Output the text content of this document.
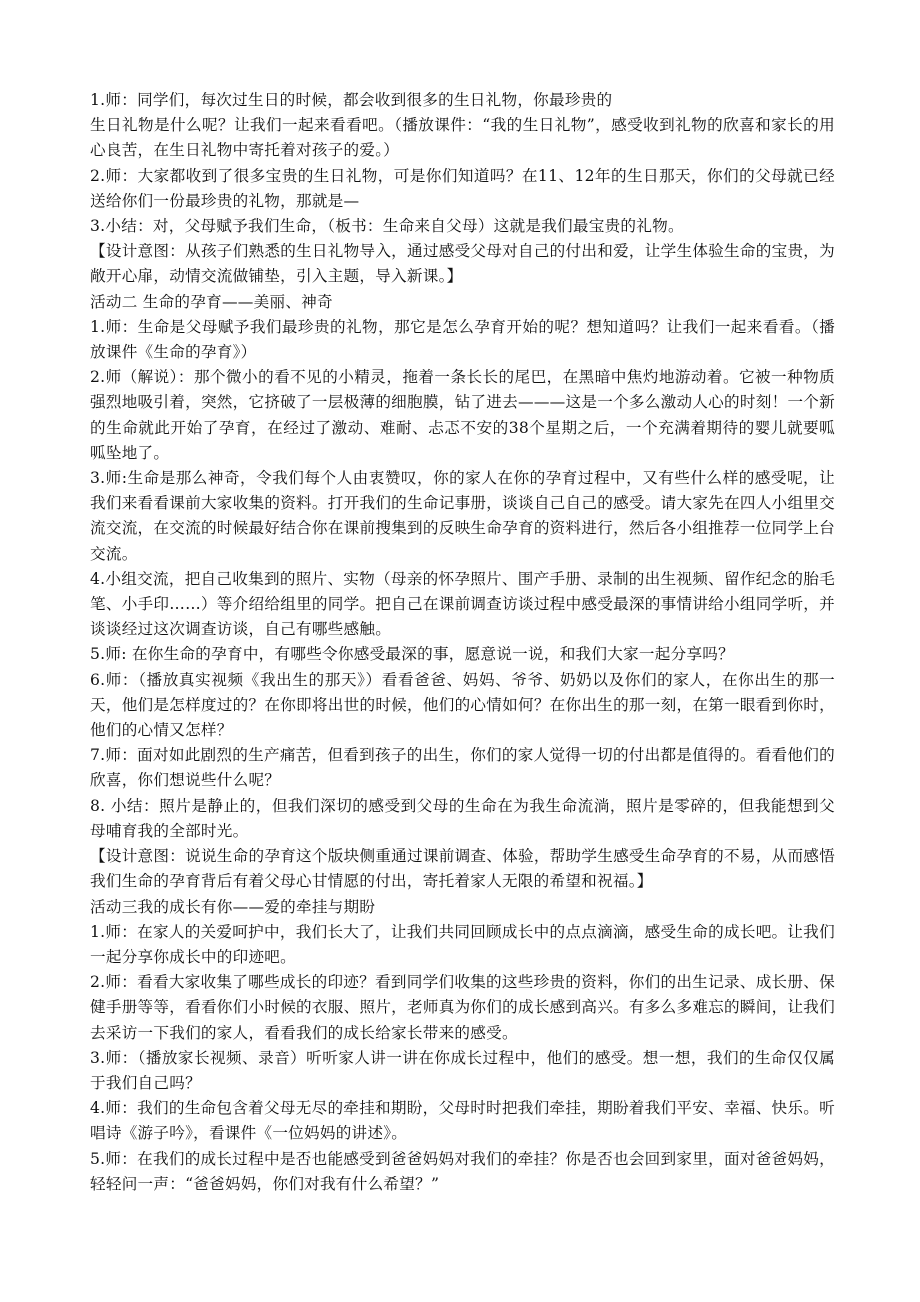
1.师：同学们，每次过生日的时候，都会收到很多的生日礼物，你最珍贵的

生日礼物是什么呢？让我们一起来看看吧。（播放课件：“我的生日礼物”，感受收到礼物的欣喜和家长的用心良苦，在生日礼物中寄托着对孩子的爱。）

2.师：大家都收到了很多宝贵的生日礼物，可是你们知道吗？在11、12年的生日那天，你们的父母就已经送给你们一份最珍贵的礼物，那就是—

3.小结：对，父母赋予我们生命，（板书：生命来自父母）这就是我们最宝贵的礼物。

【设计意图：从孩子们熟悉的生日礼物导入，通过感受父母对自己的付出和爱，让学生体验生命的宝贵，为敞开心扉，动情交流做铺垫，引入主题，导入新课。】

活动二 生命的孕育——美丽、神奇

1.师：生命是父母赋予我们最珍贵的礼物，那它是怎么孕育开始的呢？想知道吗？让我们一起来看看。（播放课件《生命的孕育》）

2.师（解说）：那个微小的看不见的小精灵，拖着一条长长的尾巴，在黑暗中焦灼地游动着。它被一种物质强烈地吸引着，突然，它挤破了一层极薄的细胞膜，钻了进去———这是一个多么激动人心的时刻！一个新的生命就此开始了孕育，在经过了激动、难耐、忐忑不安的38个星期之后，一个充满着期待的婴儿就要呱呱坠地了。

3.师:生命是那么神奇，令我们每个人由衷赞叹，你的家人在你的孕育过程中，又有些什么样的感受呢，让我们来看看课前大家收集的资料。打开我们的生命记事册，谈谈自己自己的感受。请大家先在四人小组里交流交流，在交流的时候最好结合你在课前搜集到的反映生命孕育的资料进行，然后各小组推荐一位同学上台交流。

4.小组交流，把自己收集到的照片、实物（母亲的怀孕照片、围产手册、录制的出生视频、留作纪念的胎毛笔、小手印……）等介绍给组里的同学。把自己在课前调查访谈过程中感受最深的事情讲给小组同学听，并谈谈经过这次调查访谈，自己有哪些感触。

5.师: 在你生命的孕育中，有哪些令你感受最深的事，愿意说一说，和我们大家一起分享吗？

6.师：（播放真实视频《我出生的那天》）看看爸爸、妈妈、爷爷、奶奶以及你们的家人，在你出生的那一天，他们是怎样度过的？在你即将出世的时候，他们的心情如何？在你出生的那一刻，在第一眼看到你时，他们的心情又怎样？

7.师：面对如此剧烈的生产痛苦，但看到孩子的出生，你们的家人觉得一切的付出都是值得的。看看他们的欣喜，你们想说些什么呢？

8. 小结：照片是静止的，但我们深切的感受到父母的生命在为我生命流淌，照片是零碎的，但我能想到父母哺育我的全部时光。

【设计意图：说说生命的孕育这个版块侧重通过课前调查、体验，帮助学生感受生命孕育的不易，从而感悟我们生命的孕育背后有着父母心甘情愿的付出，寄托着家人无限的希望和祝福。】

活动三我的成长有你——爱的牵挂与期盼

1.师：在家人的关爱呵护中，我们长大了，让我们共同回顾成长中的点点滴滴，感受生命的成长吧。让我们一起分享你成长中的印迹吧。

2.师：看看大家收集了哪些成长的印迹？看到同学们收集的这些珍贵的资料，你们的出生记录、成长册、保健手册等等，看看你们小时候的衣服、照片，老师真为你们的成长感到高兴。有多么多难忘的瞬间，让我们去采访一下我们的家人，看看我们的成长给家长带来的感受。

3.师：（播放家长视频、录音）听听家人讲一讲在你成长过程中，他们的感受。想一想，我们的生命仅仅属于我们自己吗？

4.师：我们的生命包含着父母无尽的牵挂和期盼，父母时时把我们牵挂，期盼着我们平安、幸福、快乐。听唱诗《游子吟》，看课件《一位妈妈的讲述》。

5.师：在我们的成长过程中是否也能感受到爸爸妈妈对我们的牵挂？你是否也会回到家里，面对爸爸妈妈，轻轻问一声：“爸爸妈妈，你们对我有什么希望？”
